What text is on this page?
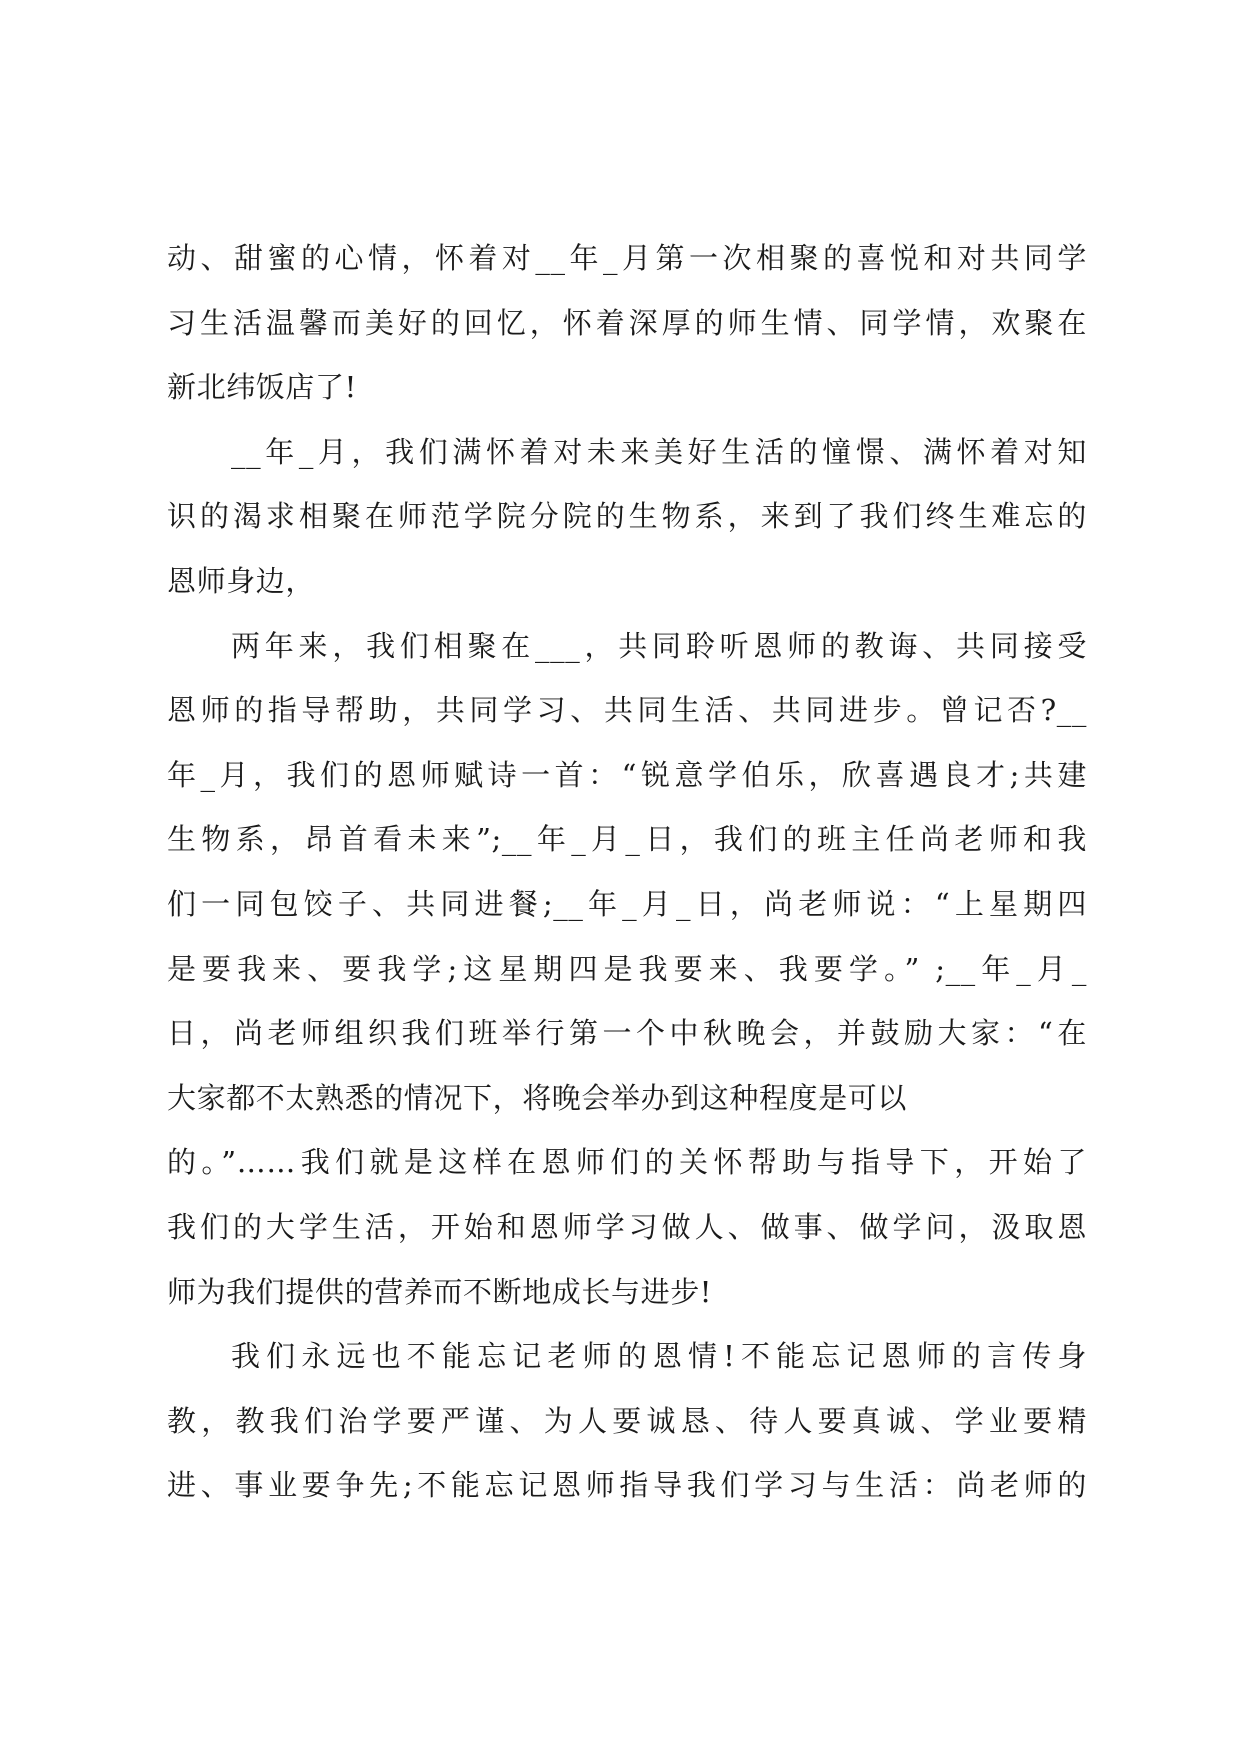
动、甜蜜的心情，怀着对__年_月第一次相聚的喜悦和对共同学
习生活温馨而美好的回忆，怀着深厚的师生情、同学情，欢聚在
新北纬饭店了!
__年_月，我们满怀着对未来美好生活的憧憬、满怀着对知
识的渴求相聚在师范学院分院的生物系，来到了我们终生难忘的
恩师身边，
两年来，我们相聚在___，共同聆听恩师的教诲、共同接受
恩师的指导帮助，共同学习、共同生活、共同进步。曾记否?__
年_月，我们的恩师赋诗一首：“锐意学伯乐，欣喜遇良才;共建
生物系，昂首看未来”;__年_月_日，我们的班主任尚老师和我
们一同包饺子、共同进餐;__年_月_日，尚老师说：“上星期四
是要我来、要我学;这星期四是我要来、我要学。” ;__年_月_
日，尚老师组织我们班举行第一个中秋晚会，并鼓励大家：“在
大家都不太熟悉的情况下，将晚会举办到这种程度是可以
的。”……我们就是这样在恩师们的关怀帮助与指导下，开始了
我们的大学生活，开始和恩师学习做人、做事、做学问，汲取恩
师为我们提供的营养而不断地成长与进步!
我们永远也不能忘记老师的恩情!不能忘记恩师的言传身
教，教我们治学要严谨、为人要诚恳、待人要真诚、学业要精
进、事业要争先;不能忘记恩师指导我们学习与生活：尚老师的
